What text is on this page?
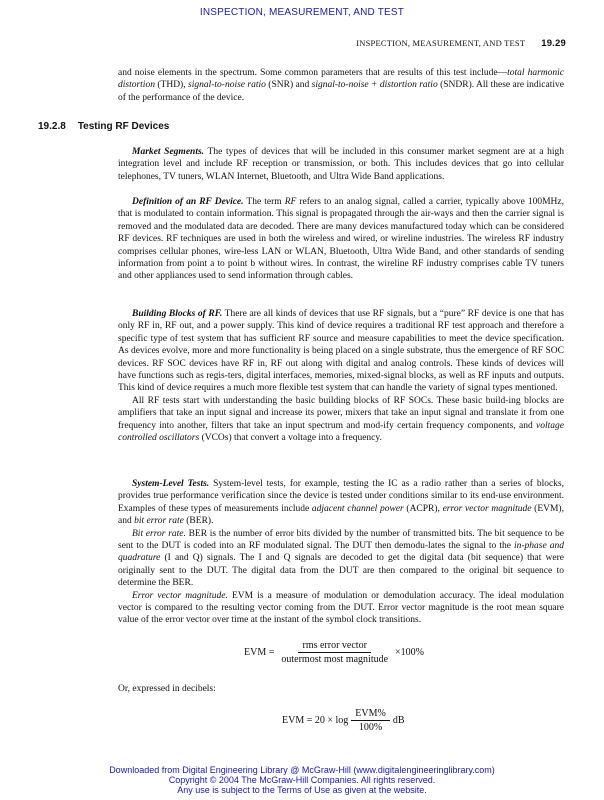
INSPECTION, MEASUREMENT, AND TEST
INSPECTION, MEASUREMENT, AND TEST 19.29

and noise elements in the spectrum. Some common parameters that are results of this test include—total harmonic distortion (THD), signal-to-noise ratio (SNR) and signal-to-noise + distortion ratio (SNDR). All these are indicative of the performance of the device.

19.2.8 Testing RF Devices

Market Segments. The types of devices that will be included in this consumer market segment are at a high integration level and include RF reception or transmission, or both. This includes devices that go into cellular telephones, TV tuners, WLAN Internet, Bluetooth, and Ultra Wide Band applications.

Definition of an RF Device. The term RF refers to an analog signal, called a carrier, typically above 100MHz, that is modulated to contain information. This signal is propagated through the air-ways and then the carrier signal is removed and the modulated data are decoded. There are many devices manufactured today which can be considered RF devices. RF techniques are used in both the wireless and wired, or wireline industries. The wireless RF industry comprises cellular phones, wire-less LAN or WLAN, Bluetooth, Ultra Wide Band, and other standards of sending information from point a to point b without wires. In contrast, the wireline RF industry comprises cable TV tuners and other appliances used to send information through cables.

Building Blocks of RF. There are all kinds of devices that use RF signals, but a “pure” RF device is one that has only RF in, RF out, and a power supply. This kind of device requires a traditional RF test approach and therefore a specific type of test system that has sufficient RF source and measure capabilities to meet the device specification. As devices evolve, more and more functionality is being placed on a single substrate, thus the emergence of RF SOC devices. RF SOC devices have RF in, RF out along with digital and analog controls. These kinds of devices will have functions such as regis-ters, digital interfaces, memories, mixed-signal blocks, as well as RF inputs and outputs. This kind of device requires a much more flexible test system that can handle the variety of signal types mentioned.

All RF tests start with understanding the basic building blocks of RF SOCs. These basic build-ing blocks are amplifiers that take an input signal and increase its power, mixers that take an input signal and translate it from one frequency into another, filters that take an input spectrum and mod-ify certain frequency components, and voltage controlled oscillators (VCOs) that convert a voltage into a frequency.

System-Level Tests. System-level tests, for example, testing the IC as a radio rather than a series of blocks, provides true performance verification since the device is tested under conditions similar to its end-use environment. Examples of these types of measurements include adjacent channel power (ACPR), error vector magnitude (EVM), and bit error rate (BER).

Bit error rate. BER is the number of error bits divided by the number of transmitted bits. The bit sequence to be sent to the DUT is coded into an RF modulated signal. The DUT then demodu-lates the signal to the in-phase and quadrature (I and Q) signals. The I and Q signals are decoded to get the digital data (bit sequence) that were originally sent to the DUT. The digital data from the DUT are then compared to the original bit sequence to determine the BER.

Error vector magnitude. EVM is a measure of modulation or demodulation accuracy. The ideal modulation vector is compared to the resulting vector coming from the DUT. Error vector magnitude is the root mean square value of the error vector over time at the instant of the symbol clock transitions.

EVM = $\frac{\text{rms error vector}}{\text{outermost most magnitude}} \times 100\%$

Or, expressed in decibels:

EVM = $20 \times \log \frac{\text{EVM\%}}{100\%}$ dB
Downloaded from Digital Engineering Library @ McGraw-Hill (www.digitalengineeringlibrary.com)
Copyright © 2004 The McGraw-Hill Companies. All rights reserved.
Any use is subject to the Terms of Use as given at the website.
